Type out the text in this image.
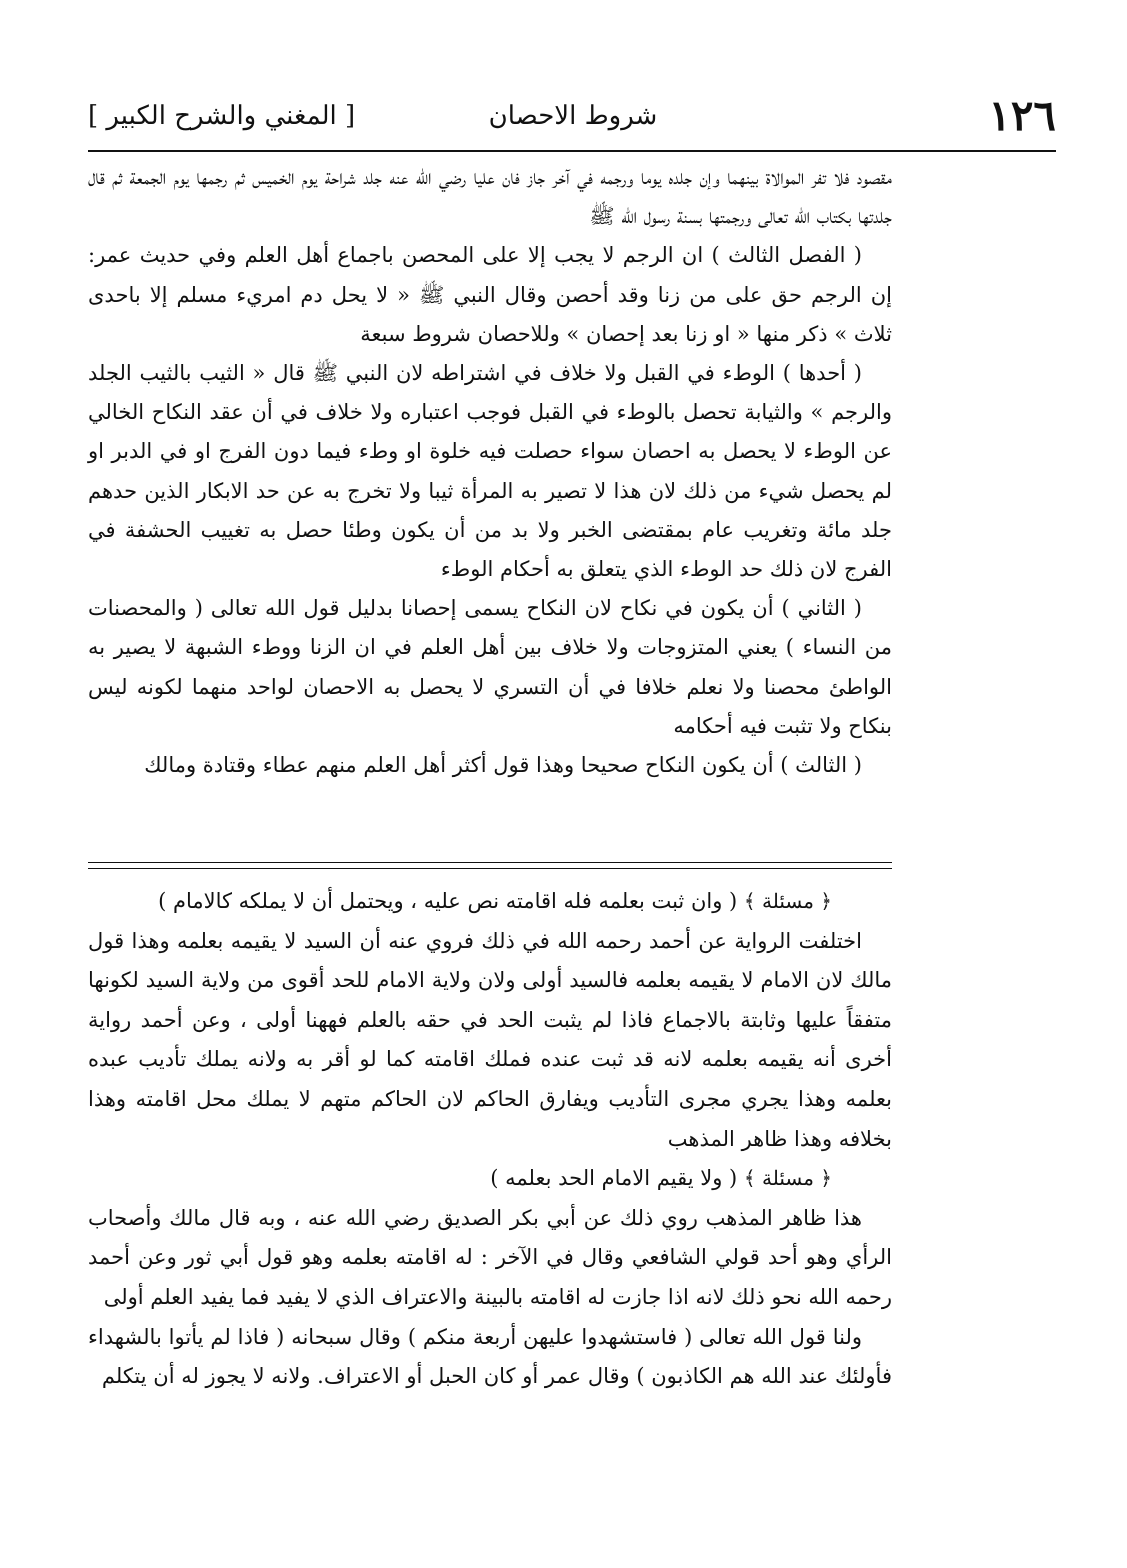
١٢٦
شروط الاحصان
[ المغني والشرح الكبير ]

مقصود فلا تفر الموالاة بينهما وإن جلده يوما ورجمه في آخر جاز فان عليا رضي الله عنه جلد شراحة يوم الخميس ثم رجمها يوم الجمعة ثم قال جلدتها بكتاب الله تعالى ورجمتها بسنة رسول الله ﷺ

( الفصل الثالث ) ان الرجم لا يجب إلا على المحصن باجماع أهل العلم وفي حديث عمر: إن الرجم حق على من زنا وقد أحصن وقال النبي ﷺ « لا يحل دم امريء مسلم إلا باحدى ثلاث » ذكر منها « او زنا بعد إحصان » وللاحصان شروط سبعة

( أحدها ) الوطء في القبل ولا خلاف في اشتراطه لان النبي ﷺ قال « الثيب بالثيب الجلد والرجم » والثيابة تحصل بالوطء في القبل فوجب اعتباره ولا خلاف في أن عقد النكاح الخالي عن الوطء لا يحصل به احصان سواء حصلت فيه خلوة او وطء فيما دون الفرج او في الدبر او لم يحصل شيء من ذلك لان هذا لا تصير به المرأة ثيبا ولا تخرج به عن حد الابكار الذين حدهم جلد مائة وتغريب عام بمقتضى الخبر ولا بد من أن يكون وطئا حصل به تغييب الحشفة في الفرج لان ذلك حد الوطء الذي يتعلق به أحكام الوطء

( الثاني ) أن يكون في نكاح لان النكاح يسمى إحصانا بدليل قول الله تعالى ( والمحصنات من النساء ) يعني المتزوجات ولا خلاف بين أهل العلم في ان الزنا ووطء الشبهة لا يصير به الواطئ محصنا ولا نعلم خلافا في أن التسري لا يحصل به الاحصان لواحد منهما لكونه ليس بنكاح ولا تثبت فيه أحكامه

( الثالث ) أن يكون النكاح صحيحا وهذا قول أكثر أهل العلم منهم عطاء وقتادة ومالك

﴿ مسئلة ﴾ ( وان ثبت بعلمه فله اقامته نص عليه ، ويحتمل أن لا يملكه كالامام )

اختلفت الرواية عن أحمد رحمه الله في ذلك فروي عنه أن السيد لا يقيمه بعلمه وهذا قول مالك لان الامام لا يقيمه بعلمه فالسيد أولى ولان ولاية الامام للحد أقوى من ولاية السيد لكونها متفقاً عليها وثابتة بالاجماع فاذا لم يثبت الحد في حقه بالعلم فههنا أولى ، وعن أحمد رواية أخرى أنه يقيمه بعلمه لانه قد ثبت عنده فملك اقامته كما لو أقر به ولانه يملك تأديب عبده بعلمه وهذا يجري مجرى التأديب ويفارق الحاكم لان الحاكم متهم لا يملك محل اقامته وهذا بخلافه وهذا ظاهر المذهب

﴿ مسئلة ﴾ ( ولا يقيم الامام الحد بعلمه )

هذا ظاهر المذهب روي ذلك عن أبي بكر الصديق رضي الله عنه ، وبه قال مالك وأصحاب الرأي وهو أحد قولي الشافعي وقال في الآخر : له اقامته بعلمه وهو قول أبي ثور وعن أحمد رحمه الله نحو ذلك لانه اذا جازت له اقامته بالبينة والاعتراف الذي لا يفيد فما يفيد العلم أولى

ولنا قول الله تعالى ( فاستشهدوا عليهن أربعة منكم ) وقال سبحانه ( فاذا لم يأتوا بالشهداء فأولئك عند الله هم الكاذبون ) وقال عمر أو كان الحبل أو الاعتراف. ولانه لا يجوز له أن يتكلم
